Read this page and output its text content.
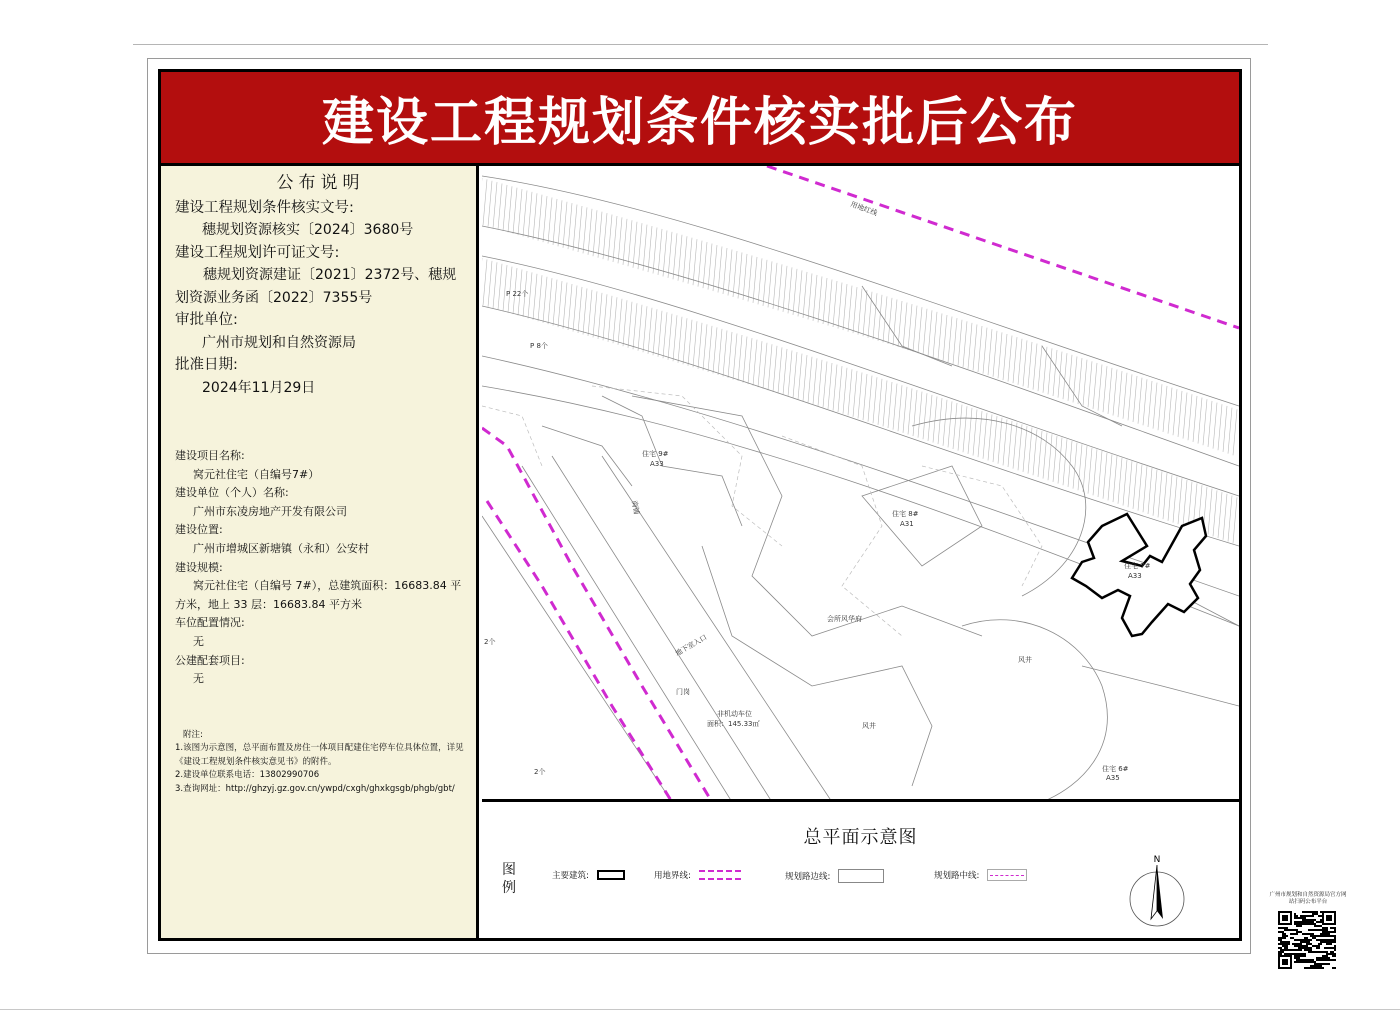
建设工程规划条件核实批后公布
公布说明
建设工程规划条件核实文号:
穗规划资源核实〔2024〕3680号
建设工程规划许可证文号:
穗规划资源建证〔2021〕2372号、穗规划资源业务函〔2022〕7355号
审批单位:
广州市规划和自然资源局
批准日期:
2024年11月29日
建设项目名称:
窝元社住宅（自编号7#）
建设单位（个人）名称:
广州市东凌房地产开发有限公司
建设位置:
广州市增城区新塘镇（永和）公安村
建设规模:
窝元社住宅（自编号 7#），总建筑面积：16683.84 平方米，地上 33 层：16683.84 平方米
车位配置情况:
无
公建配套项目:
无
附注:
1.该图为示意图，总平面布置及房住一体项目配建住宅停车位具体位置，详见《建设工程规划条件核实意见书》的附件。
2.建设单位联系电话：13802990706
3.查询网址：http://ghzyj.gz.gov.cn/ywpd/cxgh/ghxkgsgb/phgb/gbt/
用地红线
住宅 9#
A33
住宅 8#
A31
住宅 7#
A33
住宅 6#
A35
商铺
地下室入口
非机动车位
面积：145.33㎡
门岗
风井
风井
会所风华府
P 22个
P 8个
2个
2个
总平面示意图
图例
主要建筑:	用地界线:	规划路边线:	规划路中线:
N
广州市规划和自然资源局官方网站扫码公布平台
